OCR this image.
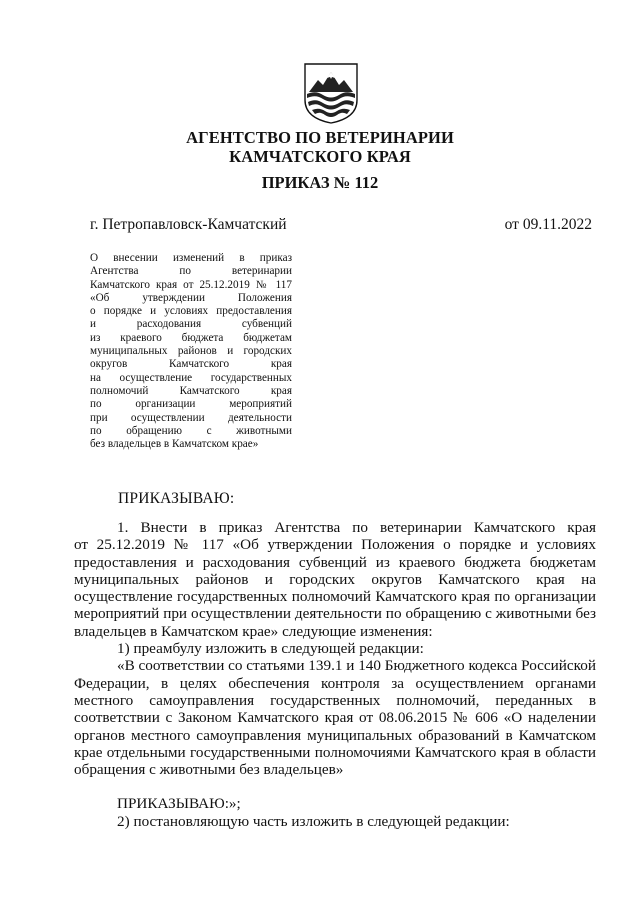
АГЕНТСТВО ПО ВЕТЕРИНАРИИ
КАМЧАТСКОГО КРАЯ
ПРИКАЗ № 112
г. Петропавловск-Камчатский	от 09.11.2022
О внесении изменений в приказ
Агентства по ветеринарии
Камчатского края от 25.12.2019 № 117
«Об утверждении Положения
о порядке и условиях предоставления
и расходования субвенций
из краевого бюджета бюджетам
муниципальных районов и городских
округов Камчатского края
на осуществление государственных
полномочий Камчатского края
по организации мероприятий
при осуществлении деятельности
по обращению с животными
без владельцев в Камчатском крае»
ПРИКАЗЫВАЮ:
1. Внести в приказ Агентства по ветеринарии Камчатского края
от 25.12.2019 № 117 «Об утверждении Положения о порядке и условиях
предоставления и расходования субвенций из краевого бюджета бюджетам
муниципальных районов и городских округов Камчатского края на
осуществление государственных полномочий Камчатского края по организации
мероприятий при осуществлении деятельности по обращению с животными без
владельцев в Камчатском крае» следующие изменения:
1) преамбулу изложить в следующей редакции:
«В соответствии со статьями 139.1 и 140 Бюджетного кодекса Российской
Федерации, в целях обеспечения контроля за осуществлением органами
местного самоуправления государственных полномочий, переданных в
соответствии с Законом Камчатского края от 08.06.2015 № 606 «О наделении
органов местного самоуправления муниципальных образований в Камчатском
крае отдельными государственными полномочиями Камчатского края в области
обращения с животными без владельцев»
ПРИКАЗЫВАЮ:»;
2) постановляющую часть изложить в следующей редакции:
